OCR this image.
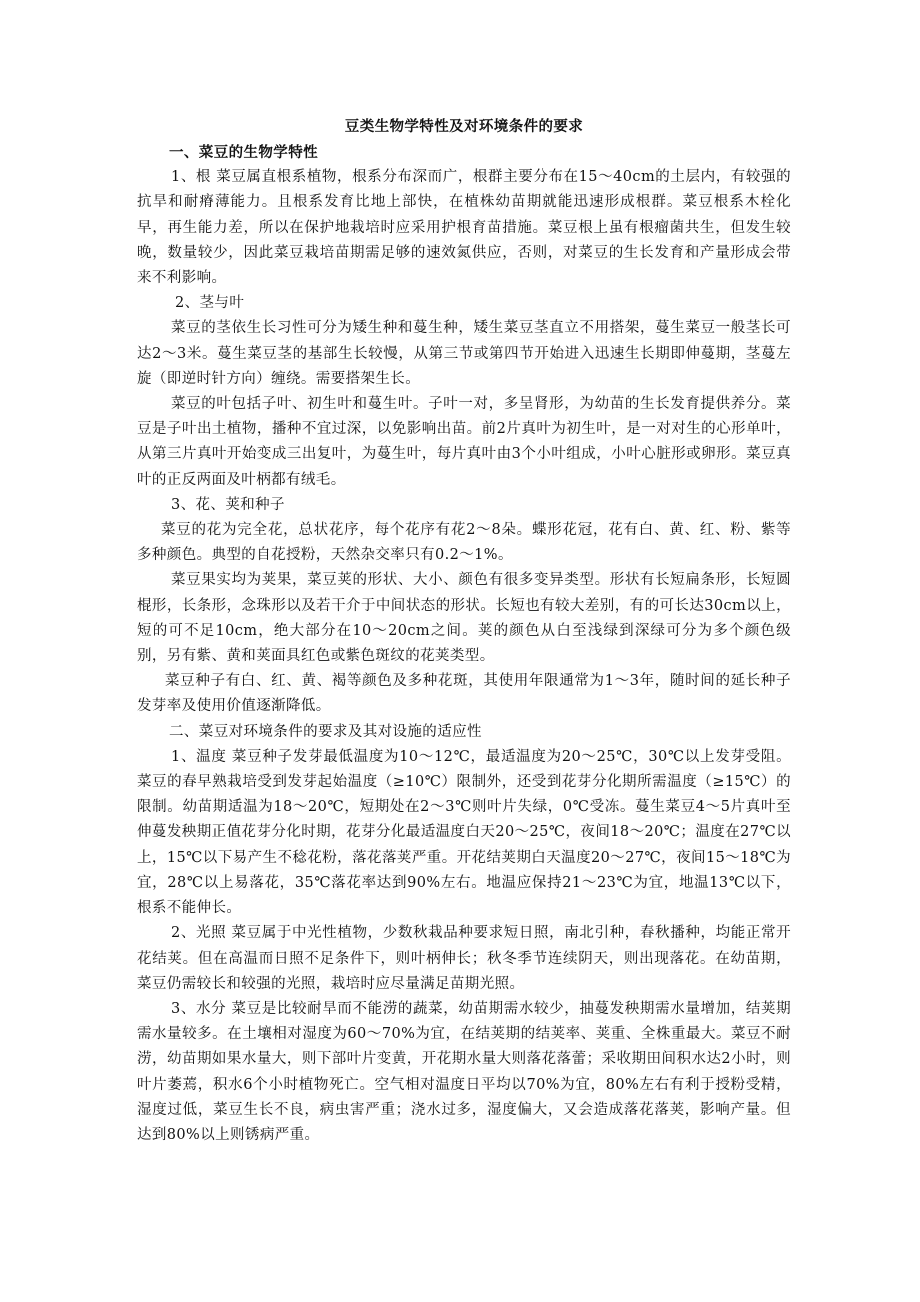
豆类生物学特性及对环境条件的要求
一、菜豆的生物学特性

1、根 菜豆属直根系植物，根系分布深而广，根群主要分布在15～40cm的土层内，有较强的抗旱和耐瘠薄能力。且根系发育比地上部快，在植株幼苗期就能迅速形成根群。菜豆根系木栓化早，再生能力差，所以在保护地栽培时应采用护根育苗措施。菜豆根上虽有根瘤菌共生，但发生较晚，数量较少，因此菜豆栽培苗期需足够的速效氮供应，否则，对菜豆的生长发育和产量形成会带来不利影响。

2、茎与叶

菜豆的茎依生长习性可分为矮生种和蔓生种，矮生菜豆茎直立不用搭架，蔓生菜豆一般茎长可达2～3米。蔓生菜豆茎的基部生长较慢，从第三节或第四节开始进入迅速生长期即伸蔓期，茎蔓左旋（即逆时针方向）缠绕。需要搭架生长。

菜豆的叶包括子叶、初生叶和蔓生叶。子叶一对，多呈肾形，为幼苗的生长发育提供养分。菜豆是子叶出土植物，播种不宜过深，以免影响出苗。前2片真叶为初生叶，是一对对生的心形单叶，从第三片真叶开始变成三出复叶，为蔓生叶，每片真叶由3个小叶组成，小叶心脏形或卵形。菜豆真叶的正反两面及叶柄都有绒毛。

3、花、荚和种子

菜豆的花为完全花，总状花序，每个花序有花2～8朵。蝶形花冠，花有白、黄、红、粉、紫等多种颜色。典型的自花授粉，天然杂交率只有0.2～1%。

菜豆果实均为荚果，菜豆荚的形状、大小、颜色有很多变异类型。形状有长短扁条形，长短圆棍形，长条形，念珠形以及若干介于中间状态的形状。长短也有较大差别，有的可长达30cm以上，短的可不足10cm，绝大部分在10～20cm之间。荚的颜色从白至浅绿到深绿可分为多个颜色级别，另有紫、黄和荚面具红色或紫色斑纹的花荚类型。

菜豆种子有白、红、黄、褐等颜色及多种花斑，其使用年限通常为1～3年，随时间的延长种子发芽率及使用价值逐渐降低。

二、菜豆对环境条件的要求及其对设施的适应性

1、温度 菜豆种子发芽最低温度为10～12℃，最适温度为20～25℃，30℃以上发芽受阻。菜豆的春早熟栽培受到发芽起始温度（≥10℃）限制外，还受到花芽分化期所需温度（≥15℃）的限制。幼苗期适温为18～20℃，短期处在2～3℃则叶片失绿，0℃受冻。蔓生菜豆4～5片真叶至伸蔓发秧期正值花芽分化时期，花芽分化最适温度白天20～25℃，夜间18～20℃；温度在27℃以上，15℃以下易产生不稔花粉，落花落荚严重。开花结荚期白天温度20～27℃，夜间15～18℃为宜，28℃以上易落花，35℃落花率达到90%左右。地温应保持21～23℃为宜，地温13℃以下，根系不能伸长。

2、光照 菜豆属于中光性植物，少数秋栽品种要求短日照，南北引种，春秋播种，均能正常开花结荚。但在高温而日照不足条件下，则叶柄伸长；秋冬季节连续阴天，则出现落花。在幼苗期，菜豆仍需较长和较强的光照，栽培时应尽量满足苗期光照。

3、水分 菜豆是比较耐旱而不能涝的蔬菜，幼苗期需水较少，抽蔓发秧期需水量增加，结荚期需水量较多。在土壤相对湿度为60～70%为宜，在结荚期的结荚率、荚重、全株重最大。菜豆不耐涝，幼苗期如果水量大，则下部叶片变黄，开花期水量大则落花落蕾；采收期田间积水达2小时，则叶片萎蔫，积水6个小时植物死亡。空气相对温度日平均以70%为宜，80%左右有利于授粉受精，湿度过低，菜豆生长不良，病虫害严重；浇水过多，湿度偏大，又会造成落花落荚，影响产量。但达到80%以上则锈病严重。
